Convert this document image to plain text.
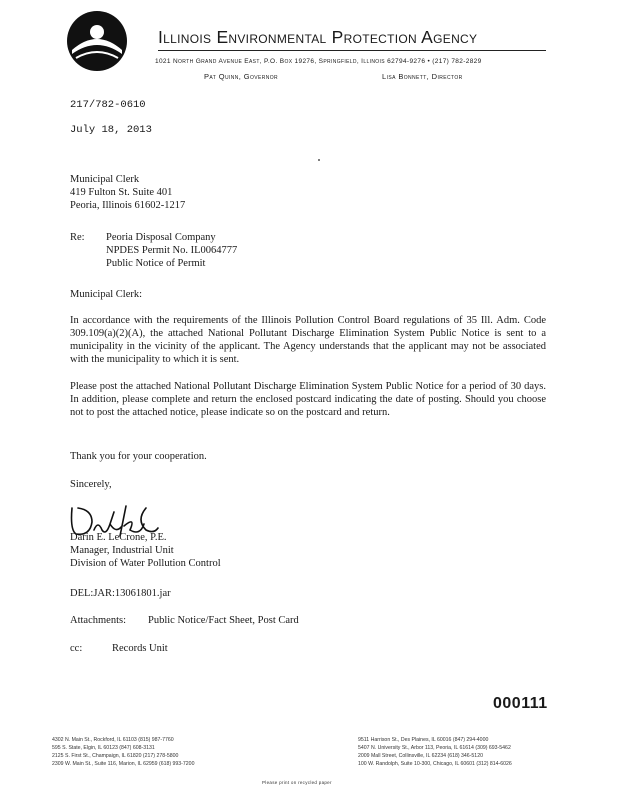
Illinois Environmental Protection Agency
1021 North Grand Avenue East, P.O. Box 19276, Springfield, Illinois 62794-9276 • (217) 782-2829
Pat Quinn, Governor	Lisa Bonnett, Director
217/782-0610
July 18, 2013
Municipal Clerk
419 Fulton St. Suite 401
Peoria, Illinois 61602-1217
Re: Peoria Disposal Company
NPDES Permit No. IL0064777
Public Notice of Permit
Municipal Clerk:
In accordance with the requirements of the Illinois Pollution Control Board regulations of 35 Ill. Adm. Code 309.109(a)(2)(A), the attached National Pollutant Discharge Elimination System Public Notice is sent to a municipality in the vicinity of the applicant. The Agency understands that the applicant may not be associated with the municipality to which it is sent.
Please post the attached National Pollutant Discharge Elimination System Public Notice for a period of 30 days. In addition, please complete and return the enclosed postcard indicating the date of posting. Should you choose not to post the attached notice, please indicate so on the postcard and return.
Thank you for your cooperation.
Sincerely,
Darin E. LeCrone, P.E.
Manager, Industrial Unit
Division of Water Pollution Control
DEL:JAR:13061801.jar
Attachments: Public Notice/Fact Sheet, Post Card
cc:	Records Unit
000111
4302 N. Main St., Rockford, IL 61103 (815) 987-7760
595 S. State, Elgin, IL 60123 (847) 608-3131
2125 S. First St., Champaign, IL 61820 (217) 278-5800
2309 W. Main St., Suite 116, Marion, IL 62959 (618) 993-7200
9511 Harrison St., Des Plaines, IL 60016 (847) 294-4000
5407 N. University St., Arbor 113, Peoria, IL 61614 (309) 693-5462
2009 Mall Street, Collinsville, IL 62234 (618) 346-5120
100 W. Randolph, Suite 10-300, Chicago, IL 60601 (312) 814-6026
Please print on recycled paper
